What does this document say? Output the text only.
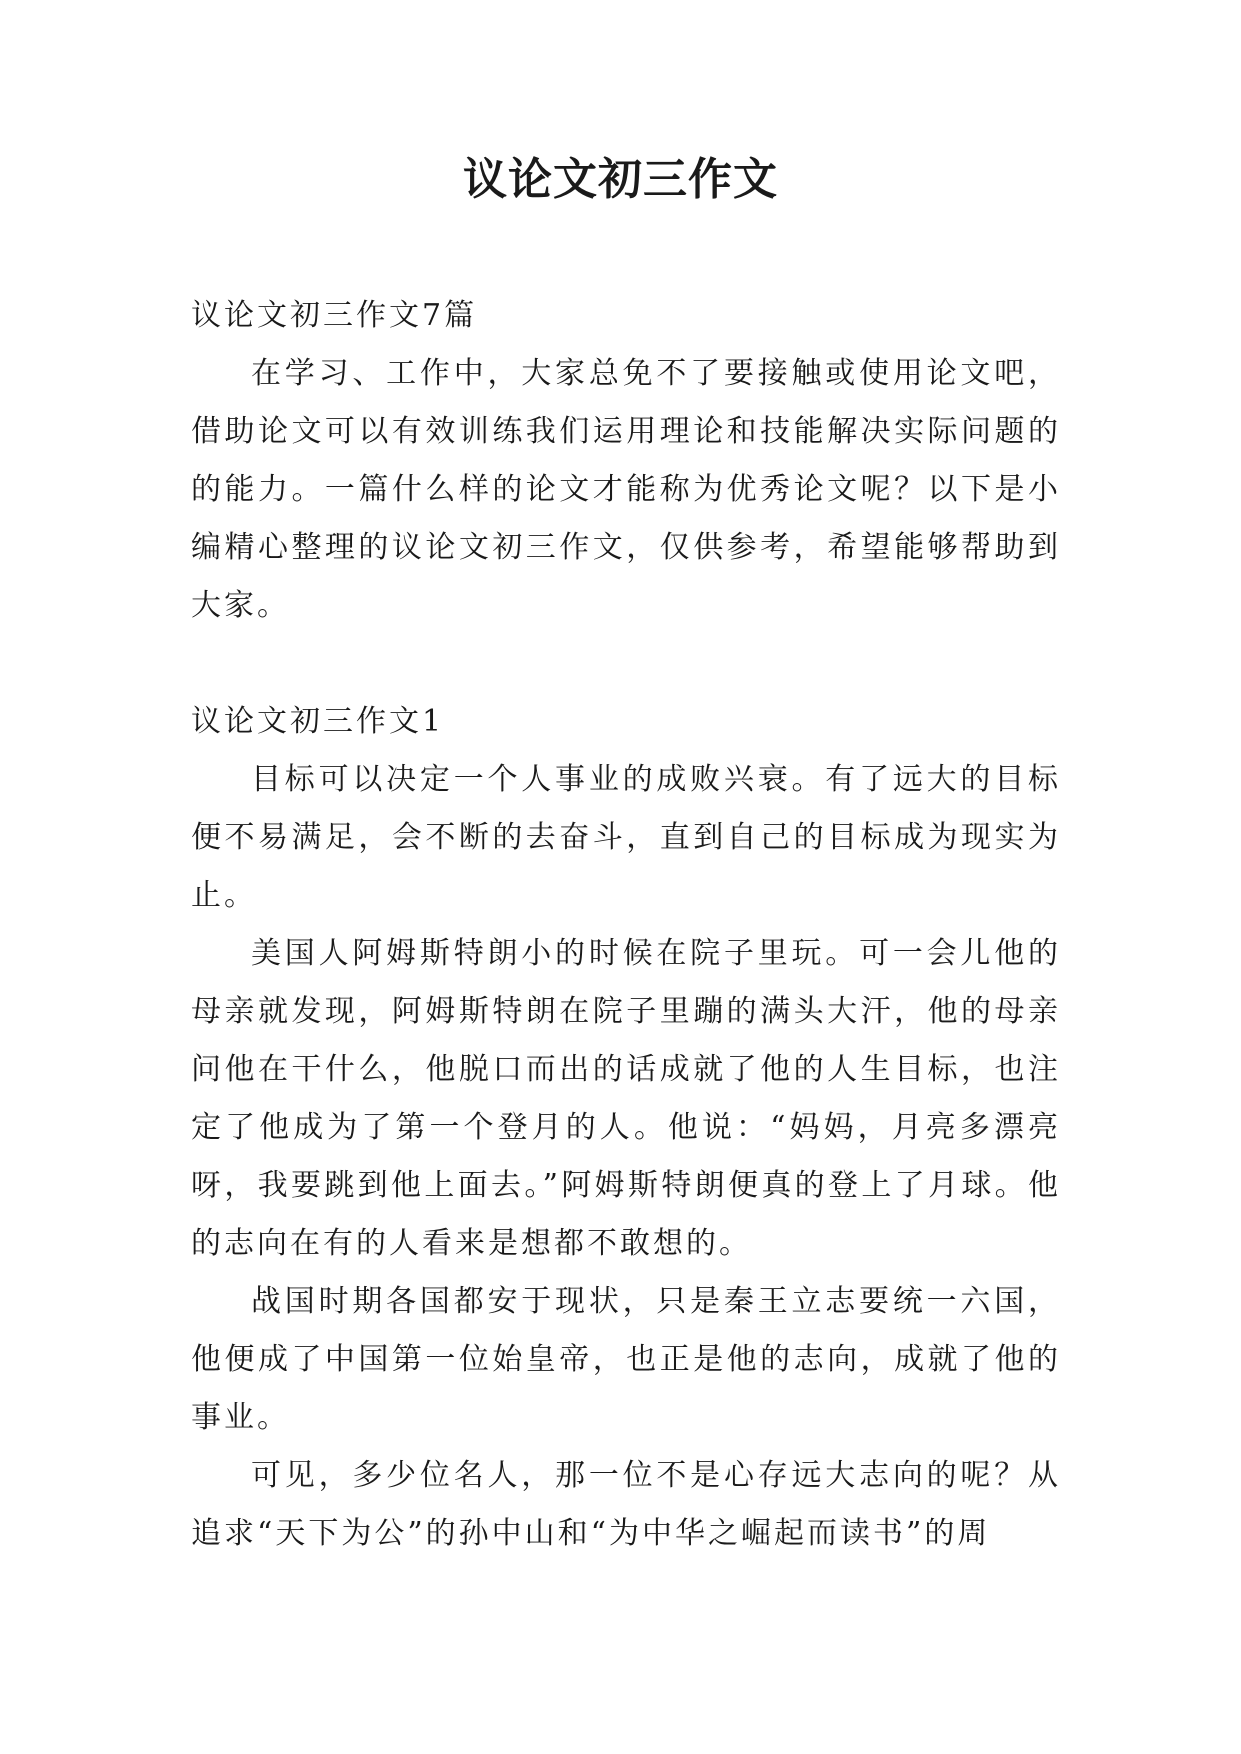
议论文初三作文

议论文初三作文7篇

在学习、工作中，大家总免不了要接触或使用论文吧，借助论文可以有效训练我们运用理论和技能解决实际问题的的能力。一篇什么样的论文才能称为优秀论文呢？以下是小编精心整理的议论文初三作文，仅供参考，希望能够帮助到大家。

议论文初三作文1

目标可以决定一个人事业的成败兴衰。有了远大的目标便不易满足，会不断的去奋斗，直到自己的目标成为现实为止。

美国人阿姆斯特朗小的时候在院子里玩。可一会儿他的母亲就发现，阿姆斯特朗在院子里蹦的满头大汗，他的母亲问他在干什么，他脱口而出的话成就了他的人生目标，也注定了他成为了第一个登月的人。他说：“妈妈，月亮多漂亮呀，我要跳到他上面去。”阿姆斯特朗便真的登上了月球。他的志向在有的人看来是想都不敢想的。

战国时期各国都安于现状，只是秦王立志要统一六国，他便成了中国第一位始皇帝，也正是他的志向，成就了他的事业。

可见，多少位名人，那一位不是心存远大志向的呢？从追求“天下为公”的孙中山和“为中华之崛起而读书”的周
